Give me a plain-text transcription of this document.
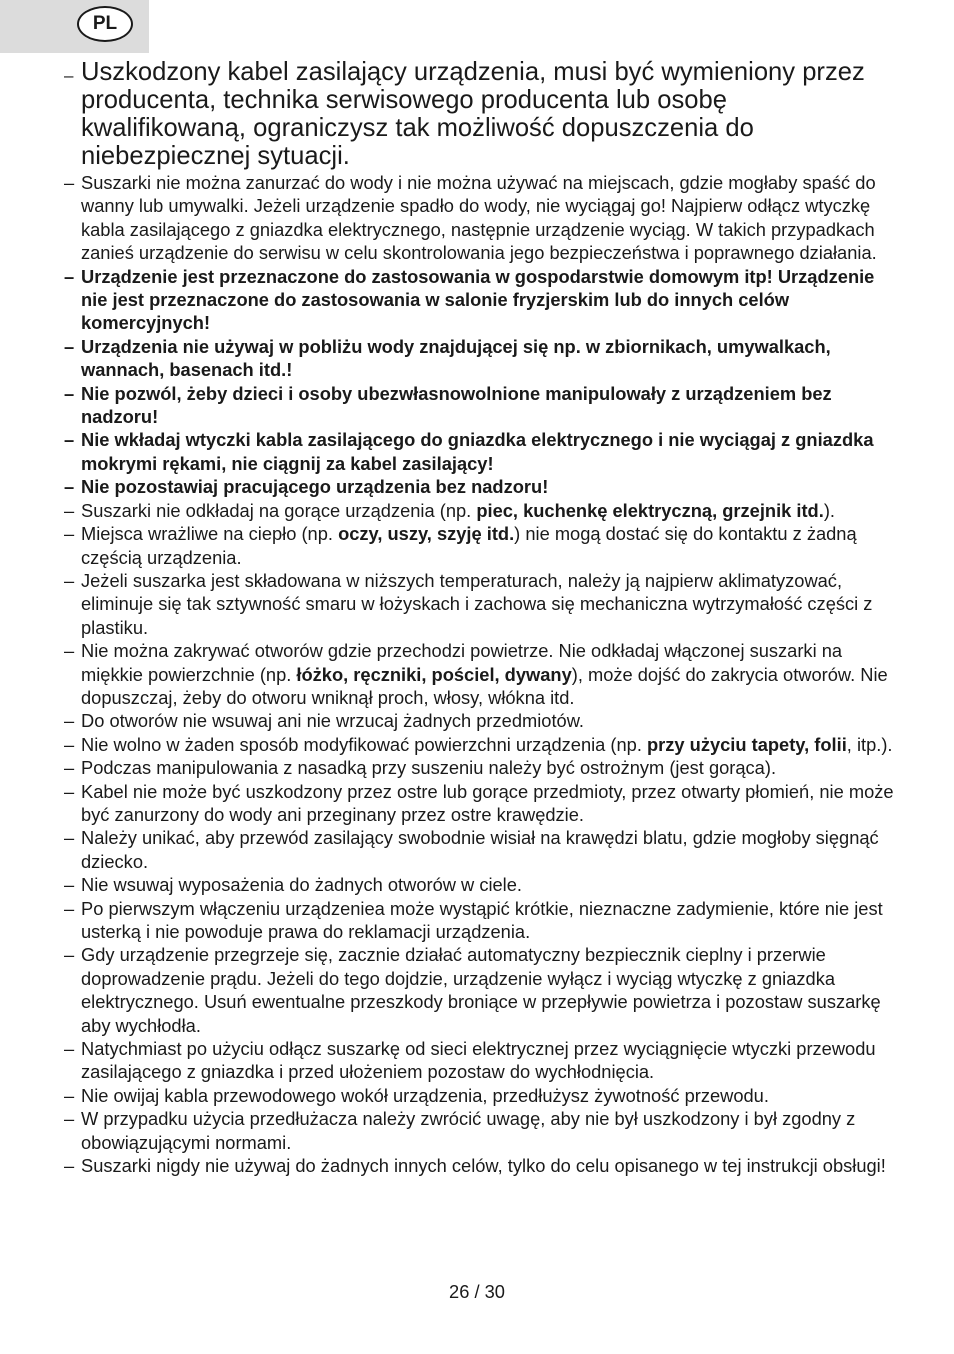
PL
– Uszkodzony kabel zasilający urządzenia, musi być wymieniony przez producenta, technika serwisowego producenta lub osobę kwalifikowaną, ograniczysz tak możliwość dopuszczenia do niebezpiecznej sytuacji.
– Suszarki nie można zanurzać do wody i nie można używać na miejscach, gdzie mogłaby spaść do wanny lub umywalki. Jeżeli urządzenie spadło do wody, nie wyciągaj go! Najpierw odłącz wtyczkę kabla zasilającego z gniazdka elektrycznego, następnie urządzenie wyciąg. W takich przypadkach zanieś urządzenie do serwisu w celu skontrolowania jego bezpieczeństwa i poprawnego działania.
– Urządzenie jest przeznaczone do zastosowania w gospodarstwie domowym itp! Urządzenie nie jest przeznaczone do zastosowania w salonie fryzjerskim lub do innych celów komercyjnych!
– Urządzenia nie używaj w pobliżu wody znajdującej się np. w zbiornikach, umywalkach, wannach, basenach itd.!
– Nie pozwól, żeby dzieci i osoby ubezwłasnowolnione manipulowały z urządzeniem bez nadzoru!
– Nie wkładaj wtyczki kabla zasilającego do gniazdka elektrycznego i nie wyciągaj z gniazdka mokrymi rękami, nie ciągnij za kabel zasilający!
– Nie pozostawiaj pracującego urządzenia bez nadzoru!
– Suszarki nie odkładaj na gorące urządzenia (np. piec, kuchenkę elektryczną, grzejnik itd.).
– Miejsca wrażliwe na ciepło (np. oczy, uszy, szyję itd.) nie mogą dostać się do kontaktu z żadną częścią urządzenia.
– Jeżeli suszarka jest składowana w niższych temperaturach, należy ją najpierw aklimatyzować, eliminuje się tak sztywność smaru w łożyskach i zachowa się mechaniczna wytrzymałość części z plastiku.
– Nie można zakrywać otworów gdzie przechodzi powietrze. Nie odkładaj włączonej suszarki na miękkie powierzchnie (np. łóżko, ręczniki, pościel, dywany), może dojść do zakrycia otworów. Nie dopuszczaj, żeby do otworu wniknął proch, włosy, włókna itd.
– Do otworów nie wsuwaj ani nie wrzucaj żadnych przedmiotów.
– Nie wolno w żaden sposób modyfikować powierzchni urządzenia (np. przy użyciu tapety, folii, itp.).
– Podczas manipulowania z nasadką przy suszeniu należy być ostrożnym (jest gorąca).
– Kabel nie może być uszkodzony przez ostre lub gorące przedmioty, przez otwarty płomień, nie może być zanurzony do wody ani przeginany przez ostre krawędzie.
– Należy unikać, aby przewód zasilający swobodnie wisiał na krawędzi blatu, gdzie mogłoby sięgnąć dziecko.
– Nie wsuwaj wyposażenia do żadnych otworów w ciele.
– Po pierwszym włączeniu urządzeniea może wystąpić krótkie, nieznaczne zadymienie, które nie jest usterką i nie powoduje prawa do reklamacji urządzenia.
– Gdy urządzenie przegrzeje się, zacznie działać automatyczny bezpiecznik cieplny i przerwie doprowadzenie prądu. Jeżeli do tego dojdzie, urządzenie wyłącz i wyciąg wtyczkę z gniazdka elektrycznego. Usuń ewentualne przeszkody broniące w przepływie powietrza i pozostaw suszarkę aby wychłodła.
– Natychmiast po użyciu odłącz suszarkę od sieci elektrycznej przez wyciągnięcie wtyczki przewodu zasilającego z gniazdka i przed ułożeniem pozostaw do wychłodnięcia.
– Nie owijaj kabla przewodowego wokół urządzenia, przedłużysz żywotność przewodu.
– W przypadku użycia przedłużacza należy zwrócić uwagę, aby nie był uszkodzony i był zgodny z obowiązującymi normami.
– Suszarki nigdy nie używaj do żadnych innych celów, tylko do celu opisanego w tej instrukcji obsługi!
26 / 30
